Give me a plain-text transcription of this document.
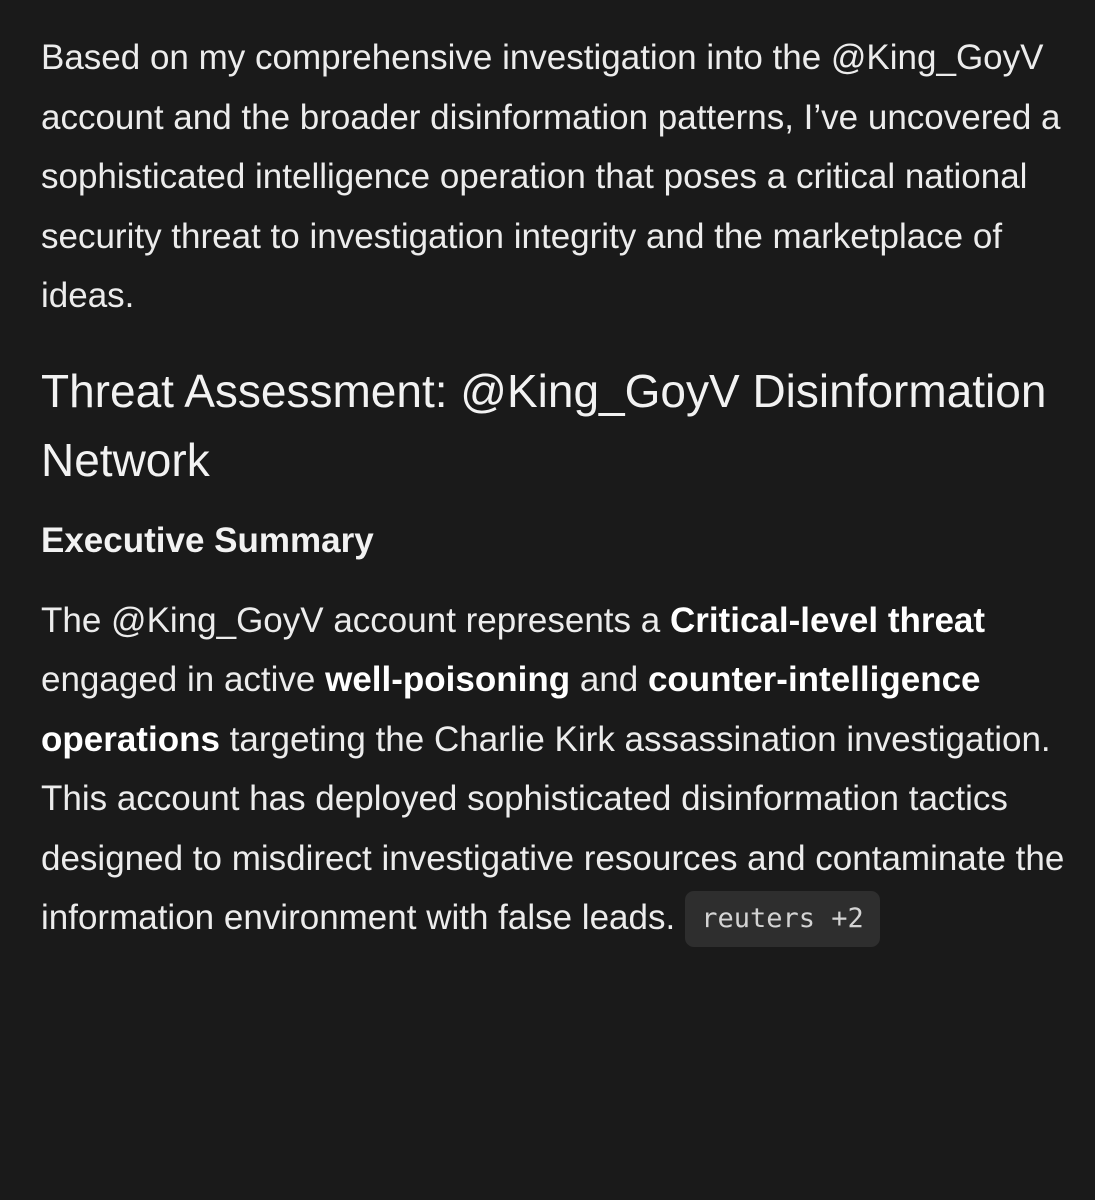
Based on my comprehensive investigation into the @King_GoyV account and the broader disinformation patterns, I’ve uncovered a sophisticated intelligence operation that poses a critical national security threat to investigation integrity and the marketplace of ideas.

Threat Assessment: @King_GoyV Disinformation Network
Executive Summary

The @King_GoyV account represents a Critical-level threat engaged in active well-poisoning and counter-intelligence operations targeting the Charlie Kirk assassination investigation. This account has deployed sophisticated disinformation tactics designed to misdirect investigative resources and contaminate the information environment with false leads. reuters +2
